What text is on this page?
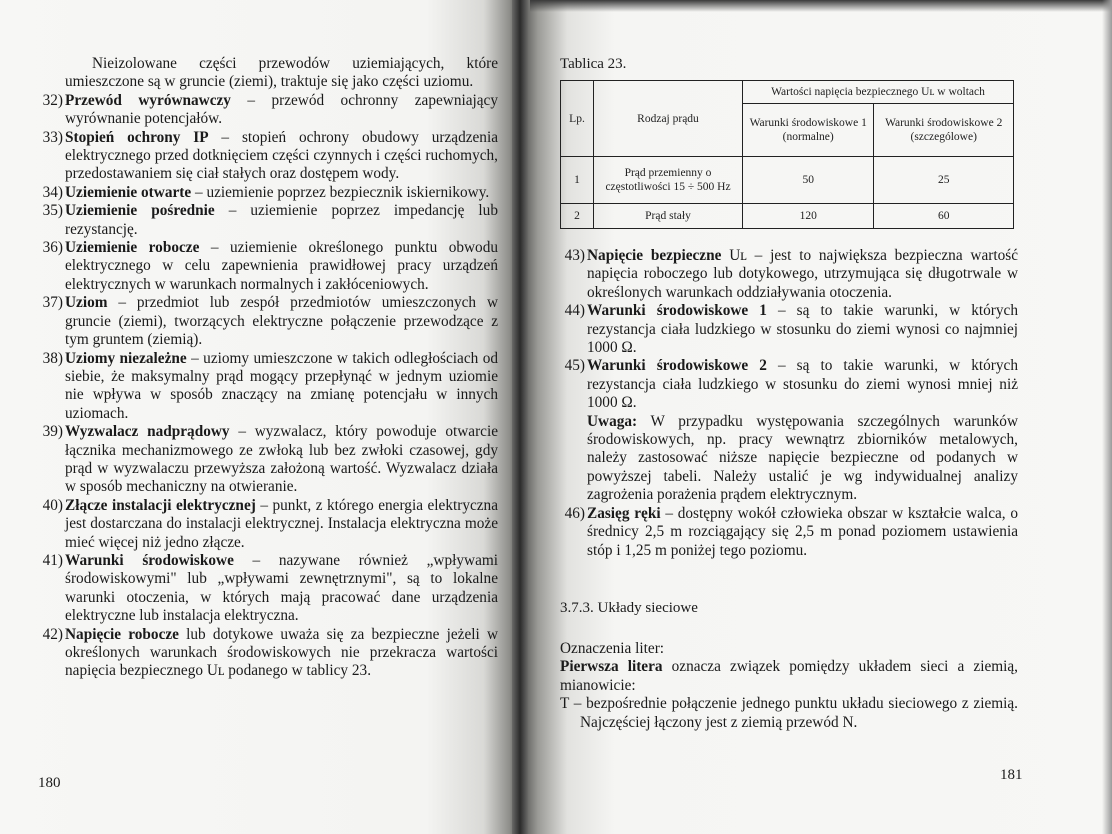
Nieizolowane części przewodów uziemiających, które umieszczone są w gruncie (ziemi), traktuje się jako części uziomu.
32) Przewód wyrównawczy – przewód ochronny zapewniający wyrównanie potencjałów.
33) Stopień ochrony IP – stopień ochrony obudowy urządzenia elektrycznego przed dotknięciem części czynnych i części ruchomych, przedostawaniem się ciał stałych oraz dostępem wody.
34) Uziemienie otwarte – uziemienie poprzez bezpiecznik iskiernikowy.
35) Uziemienie pośrednie – uziemienie poprzez impedancję lub rezystancję.
36) Uziemienie robocze – uziemienie określonego punktu obwodu elektrycznego w celu zapewnienia prawidłowej pracy urządzeń elektrycznych w warunkach normalnych i zakłóceniowych.
37) Uziom – przedmiot lub zespół przedmiotów umieszczonych w gruncie (ziemi), tworzących elektryczne połączenie przewodzące z tym gruntem (ziemią).
38) Uziomy niezależne – uziomy umieszczone w takich odległościach od siebie, że maksymalny prąd mogący przepłynąć w jednym uziomie nie wpływa w sposób znaczący na zmianę potencjału w innych uziomach.
39) Wyzwalacz nadprądowy – wyzwalacz, który powoduje otwarcie łącznika mechanizmowego ze zwłoką lub bez zwłoki czasowej, gdy prąd w wyzwalaczu przewyższa założoną wartość. Wyzwalacz działa w sposób mechaniczny na otwieranie.
40) Złącze instalacji elektrycznej – punkt, z którego energia elektryczna jest dostarczana do instalacji elektrycznej. Instalacja elektryczna może mieć więcej niż jedno złącze.
41) Warunki środowiskowe – nazywane również „wpływami środowiskowymi" lub „wpływami zewnętrznymi", są to lokalne warunki otoczenia, w których mają pracować dane urządzenia elektryczne lub instalacja elektryczna.
42) Napięcie robocze lub dotykowe uważa się za bezpieczne jeżeli w określonych warunkach środowiskowych nie przekracza wartości napięcia bezpiecznego Uʟ podanego w tablicy 23.
180
Tablica 23.
Lp.	Rodzaj prądu	Wartości napięcia bezpiecznego Uʟ w woltach	
		Warunki środowiskowe 1 (normalne)	Warunki środowiskowe 2 (szczególowe)
1	Prąd przemienny o częstotliwości 15 ÷ 500 Hz	50	25
2	Prąd stały	120	60
43) Napięcie bezpieczne Uʟ – jest to największa bezpieczna wartość napięcia roboczego lub dotykowego, utrzymująca się długotrwale w określonych warunkach oddziaływania otoczenia.
44) Warunki środowiskowe 1 – są to takie warunki, w których rezystancja ciała ludzkiego w stosunku do ziemi wynosi co najmniej 1000 Ω.
45) Warunki środowiskowe 2 – są to takie warunki, w których rezystancja ciała ludzkiego w stosunku do ziemi wynosi mniej niż 1000 Ω.
Uwaga: W przypadku występowania szczególnych warunków środowiskowych, np. pracy wewnątrz zbiorników metalowych, należy zastosować niższe napięcie bezpieczne od podanych w powyższej tabeli. Należy ustalić je wg indywidualnej analizy zagrożenia porażenia prądem elektrycznym.
46) Zasięg ręki – dostępny wokół człowieka obszar w kształcie walca, o średnicy 2,5 m rozciągający się 2,5 m ponad poziomem ustawienia stóp i 1,25 m poniżej tego poziomu.
3.7.3. Układy sieciowe

Oznaczenia liter:

Pierwsza litera oznacza związek pomiędzy układem sieci a ziemią, mianowicie:

T – bezpośrednie połączenie jednego punktu układu sieciowego z ziemią. Najczęściej łączony jest z ziemią przewód N.

181
